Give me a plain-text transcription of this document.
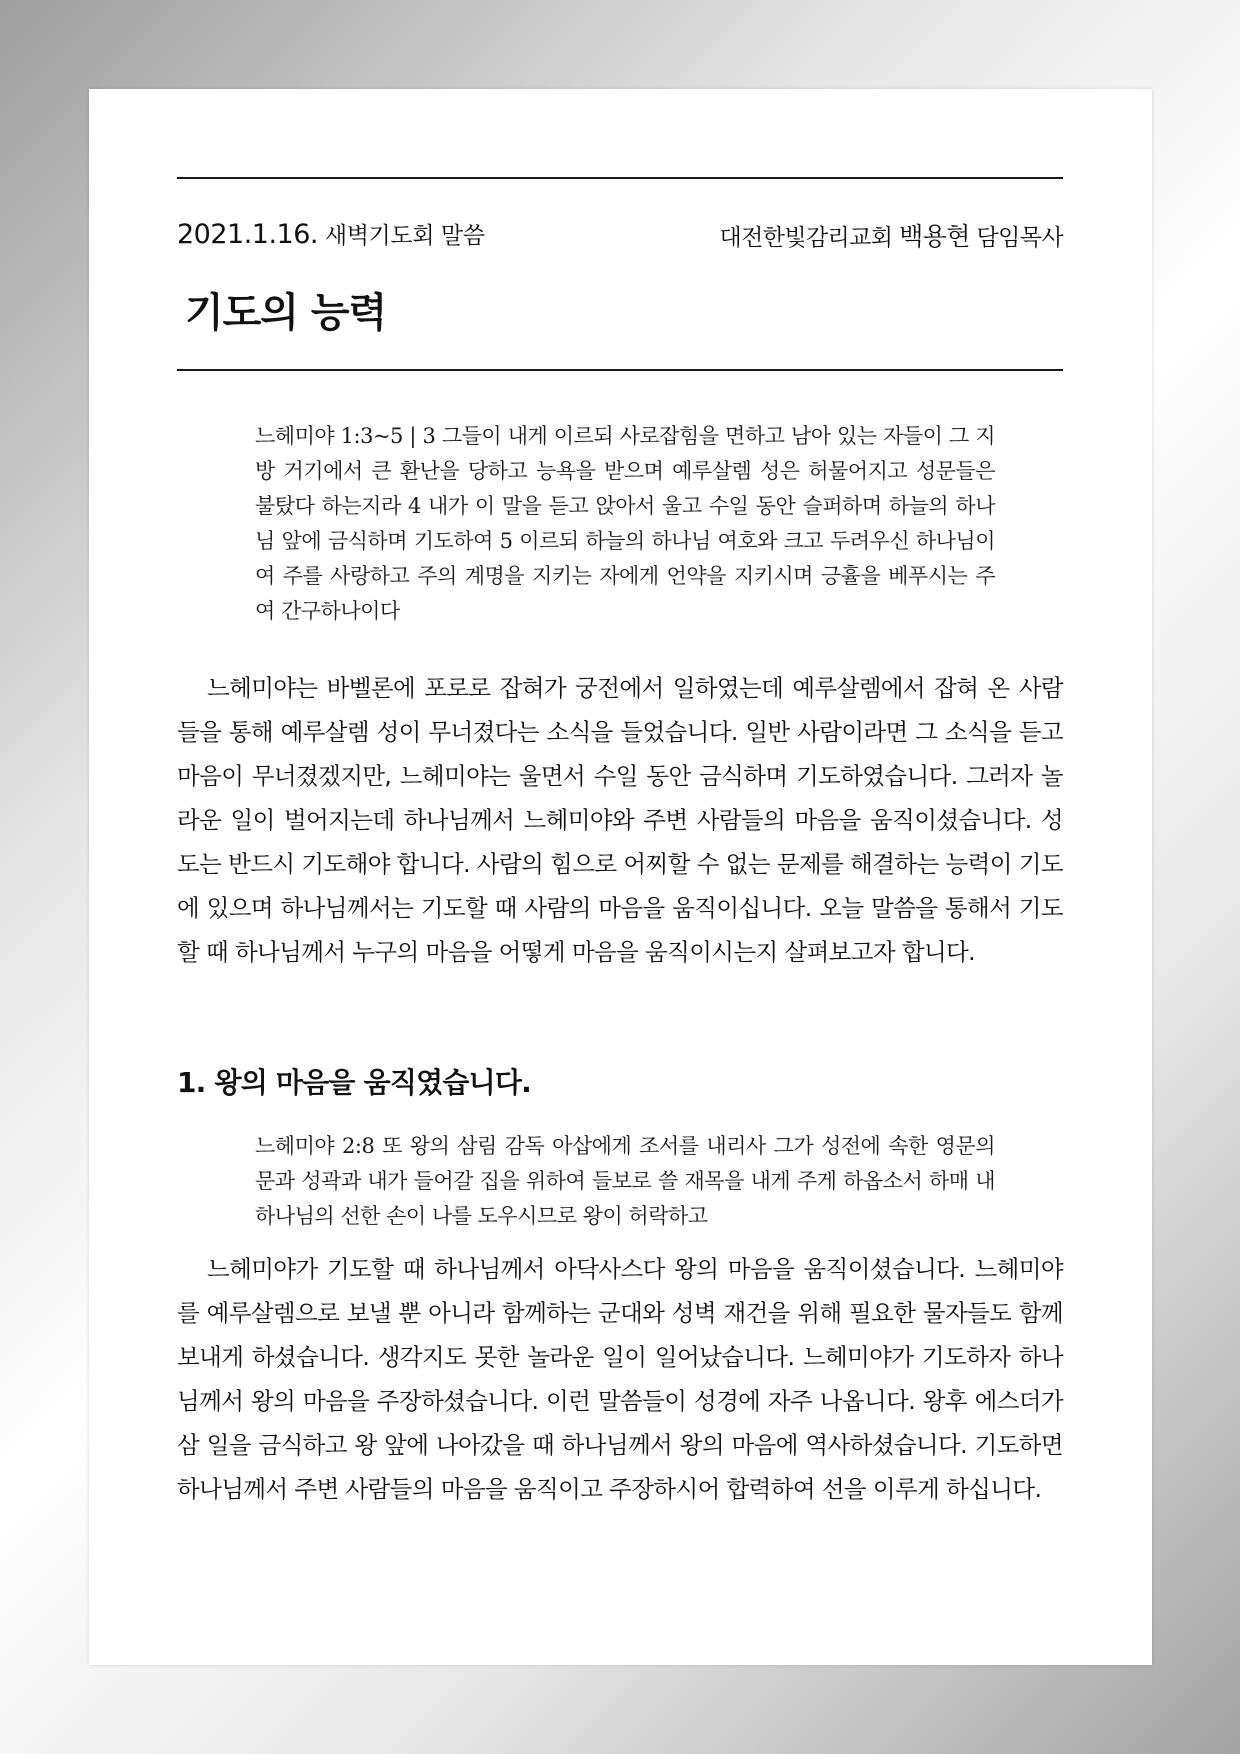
2021.1.16. 새벽기도회 말씀	대전한빛감리교회 백용현 담임목사
기도의 능력

느헤미야 1:3~5 | 3 그들이 내게 이르되 사로잡힘을 면하고 남아 있는 자들이 그 지방 거기에서 큰 환난을 당하고 능욕을 받으며 예루살렘 성은 허물어지고 성문들은 불탔다 하는지라 4 내가 이 말을 듣고 앉아서 울고 수일 동안 슬퍼하며 하늘의 하나님 앞에 금식하며 기도하여 5 이르되 하늘의 하나님 여호와 크고 두려우신 하나님이여 주를 사랑하고 주의 계명을 지키는 자에게 언약을 지키시며 긍휼을 베푸시는 주여 간구하나이다

느헤미야는 바벨론에 포로로 잡혀가 궁전에서 일하였는데 예루살렘에서 잡혀 온 사람들을 통해 예루살렘 성이 무너졌다는 소식을 들었습니다. 일반 사람이라면 그 소식을 듣고 마음이 무너졌겠지만, 느헤미야는 울면서 수일 동안 금식하며 기도하였습니다. 그러자 놀라운 일이 벌어지는데 하나님께서 느헤미야와 주변 사람들의 마음을 움직이셨습니다. 성도는 반드시 기도해야 합니다. 사람의 힘으로 어찌할 수 없는 문제를 해결하는 능력이 기도에 있으며 하나님께서는 기도할 때 사람의 마음을 움직이십니다. 오늘 말씀을 통해서 기도할 때 하나님께서 누구의 마음을 어떻게 마음을 움직이시는지 살펴보고자 합니다.

1. 왕의 마음을 움직였습니다.

느헤미야 2:8 또 왕의 삼림 감독 아삽에게 조서를 내리사 그가 성전에 속한 영문의 문과 성곽과 내가 들어갈 집을 위하여 들보로 쓸 재목을 내게 주게 하옵소서 하매 내 하나님의 선한 손이 나를 도우시므로 왕이 허락하고

느헤미야가 기도할 때 하나님께서 아닥사스다 왕의 마음을 움직이셨습니다. 느헤미야를 예루살렘으로 보낼 뿐 아니라 함께하는 군대와 성벽 재건을 위해 필요한 물자들도 함께 보내게 하셨습니다. 생각지도 못한 놀라운 일이 일어났습니다. 느헤미야가 기도하자 하나님께서 왕의 마음을 주장하셨습니다. 이런 말씀들이 성경에 자주 나옵니다. 왕후 에스더가 삼 일을 금식하고 왕 앞에 나아갔을 때 하나님께서 왕의 마음에 역사하셨습니다. 기도하면 하나님께서 주변 사람들의 마음을 움직이고 주장하시어 합력하여 선을 이루게 하십니다.
